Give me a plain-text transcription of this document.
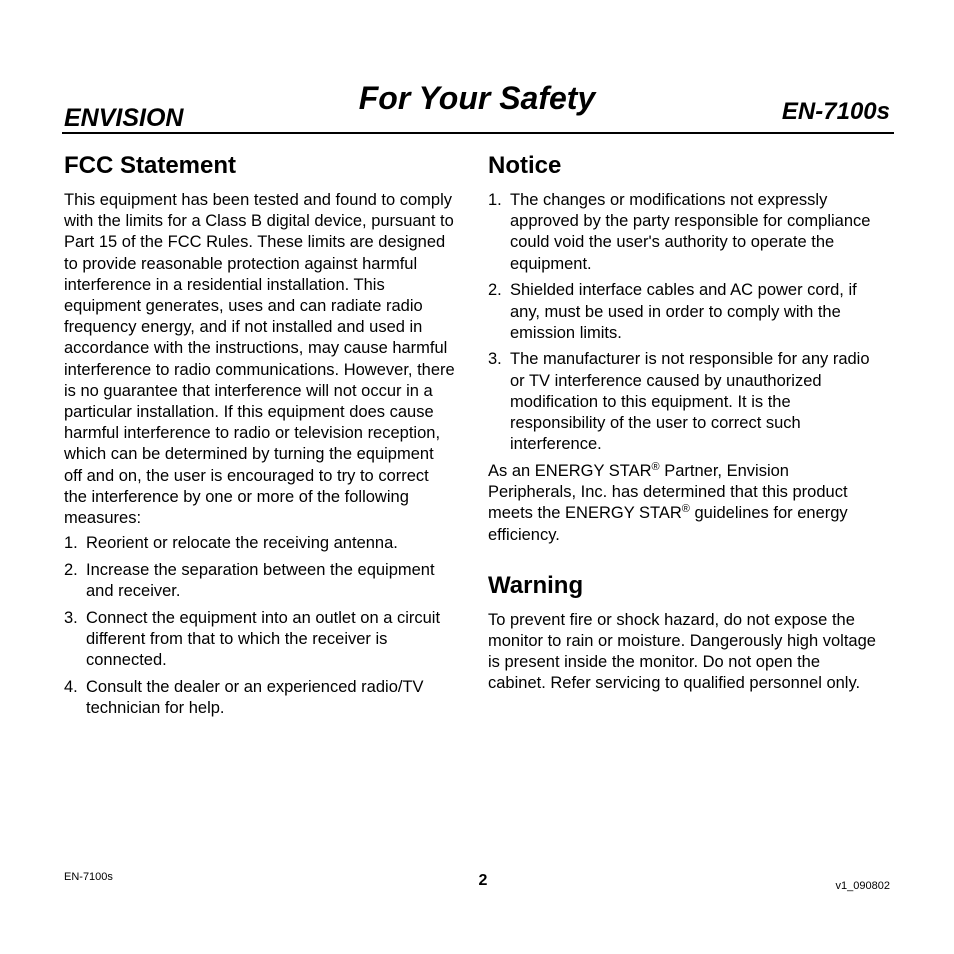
ENVISION
For Your Safety	EN-7100s
FCC Statement

This equipment has been tested and found to comply with the limits for a Class B digital device, pursuant to Part 15 of the FCC Rules. These limits are designed to provide reasonable protection against harmful interference in a residential installation. This equipment generates, uses and can radiate radio frequency energy, and if not installed and used in accordance with the instructions, may cause harmful interference to radio communications. However, there is no guarantee that interference will not occur in a particular installation. If this equipment does cause harmful interference to radio or television reception, which can be determined by turning the equipment off and on, the user is encouraged to try to correct the interference by one or more of the following measures:

1. Reorient or relocate the receiving antenna.
2. Increase the separation between the equipment and receiver.
3. Connect the equipment into an outlet on a circuit different from that to which the receiver is connected.
4. Consult the dealer or an experienced radio/TV technician for help.
Notice
1. The changes or modifications not expressly approved by the party responsible for compliance could void the user's authority to operate the equipment.
2. Shielded interface cables and AC power cord, if any, must be used in order to comply with the emission limits.
3. The manufacturer is not responsible for any radio or TV interference caused by unauthorized modification to this equipment. It is the responsibility of the user to correct such interference.

As an ENERGY STAR® Partner, Envision Peripherals, Inc. has determined that this product meets the ENERGY STAR® guidelines for energy efficiency.

Warning

To prevent fire or shock hazard, do not expose the monitor to rain or moisture. Dangerously high voltage is present inside the monitor. Do not open the cabinet. Refer servicing to qualified personnel only.

EN-7100s	2	v1_090802
